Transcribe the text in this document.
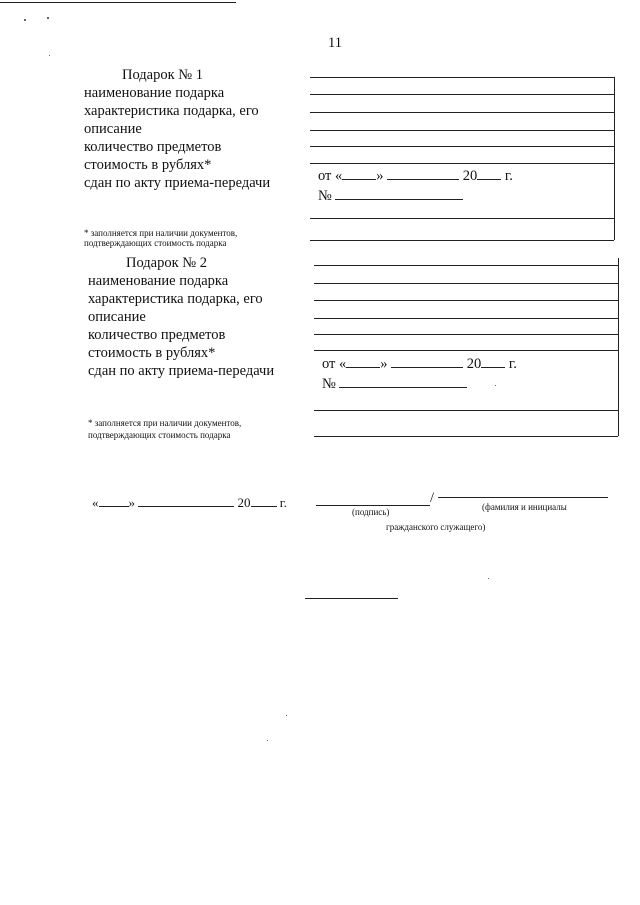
11
Подарок № 1
наименование подарка
характеристика подарка, его
описание
количество предметов
стоимость в рублях*
сдан по акту приема-передачи	от « »	20 г.
№
* заполняется при наличии документов,
подтверждающих стоимость подарка
Подарок № 2
наименование подарка
характеристика подарка, его
описание
количество предметов
стоимость в рублях*
сдан по акту приема-передачи	от « »	20 г.
№
* заполняется при наличии документов,
подтверждающих стоимость подарка
« »	20 г.	/
(подпись)	(фамилия и инициалы
гражданского служащего)
